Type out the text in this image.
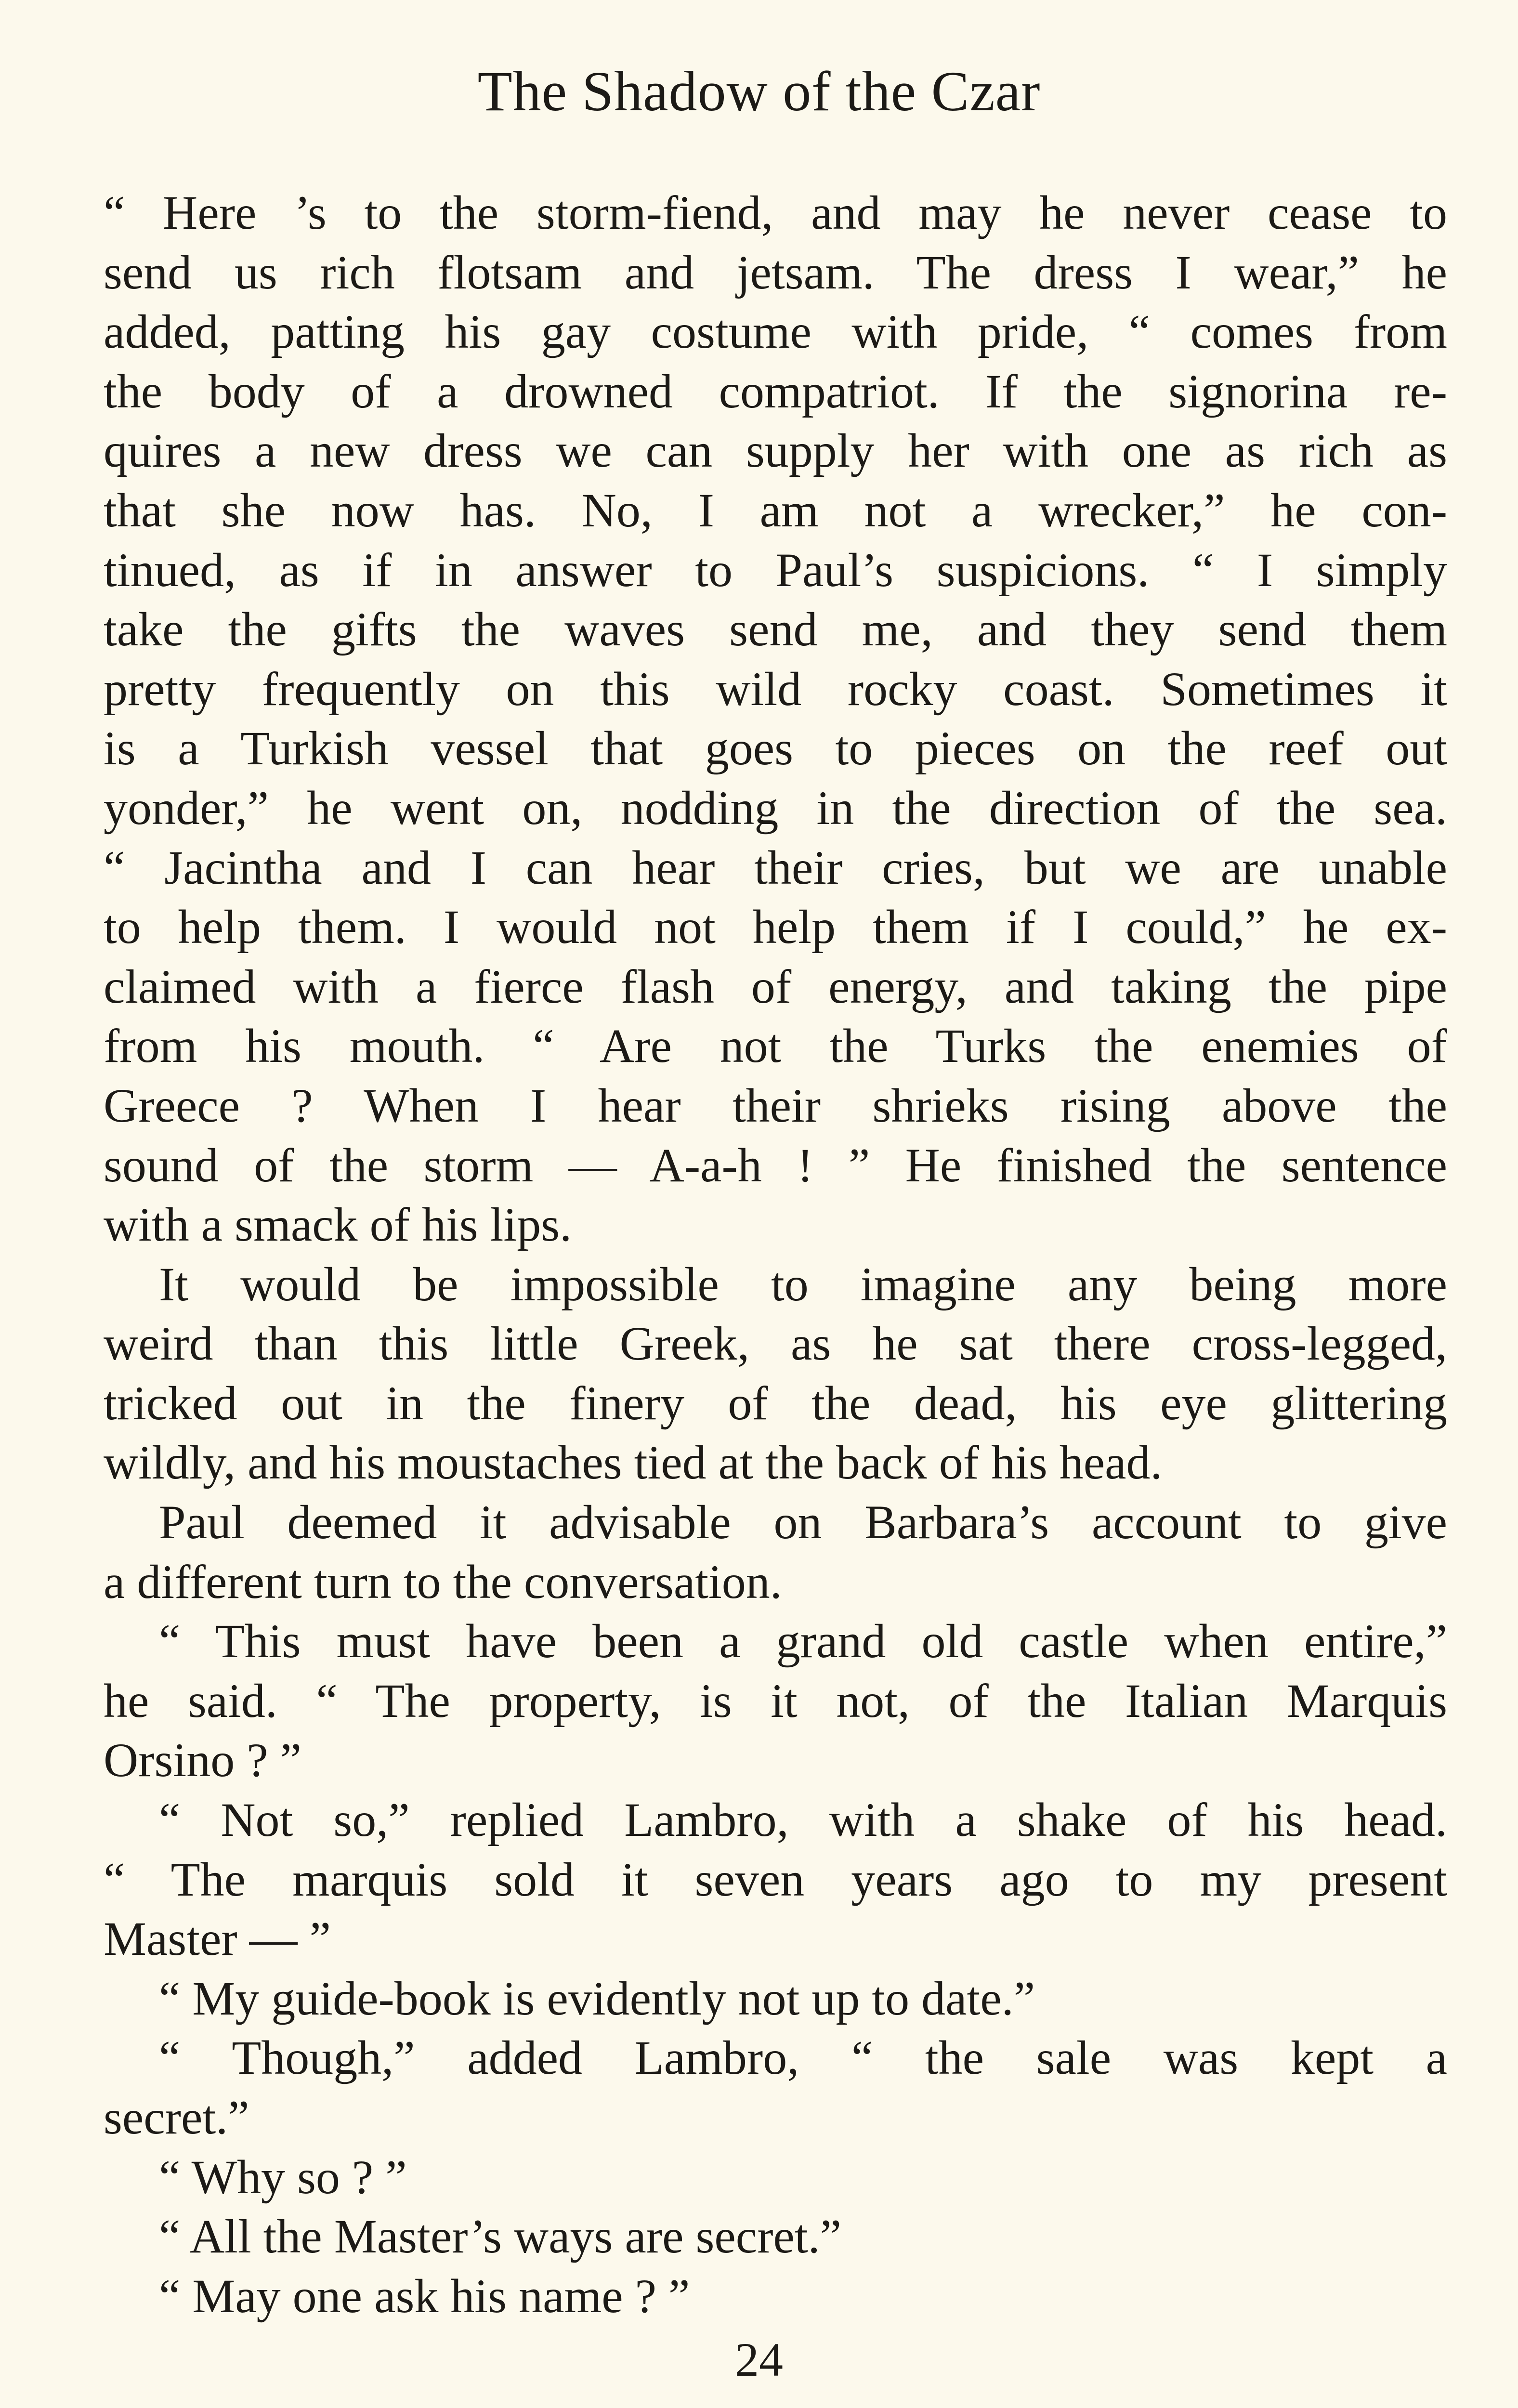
The Shadow of the Czar
“ Here ’s to the storm-fiend, and may he never cease to
send us rich flotsam and jetsam. The dress I wear,” he
added, patting his gay costume with pride, “ comes from
the body of a drowned compatriot. If the signorina re-
quires a new dress we can supply her with one as rich as
that she now has. No, I am not a wrecker,” he con-
tinued, as if in answer to Paul’s suspicions. “ I simply
take the gifts the waves send me, and they send them
pretty frequently on this wild rocky coast. Sometimes it
is a Turkish vessel that goes to pieces on the reef out
yonder,” he went on, nodding in the direction of the sea.
“ Jacintha and I can hear their cries, but we are unable
to help them. I would not help them if I could,” he ex-
claimed with a fierce flash of energy, and taking the pipe
from his mouth. “ Are not the Turks the enemies of
Greece ? When I hear their shrieks rising above the
sound of the storm — A-a-h ! ” He finished the sentence
with a smack of his lips.
It would be impossible to imagine any being more
weird than this little Greek, as he sat there cross-legged,
tricked out in the finery of the dead, his eye glittering
wildly, and his moustaches tied at the back of his head.
Paul deemed it advisable on Barbara’s account to give
a different turn to the conversation.
“ This must have been a grand old castle when entire,”
he said. “ The property, is it not, of the Italian Marquis
Orsino ? ”
“ Not so,” replied Lambro, with a shake of his head.
“ The marquis sold it seven years ago to my present
Master — ”
“ My guide-book is evidently not up to date.”
“ Though,” added Lambro, “ the sale was kept a
secret.”
“ Why so ? ”
“ All the Master’s ways are secret.”
“ May one ask his name ? ”
24
